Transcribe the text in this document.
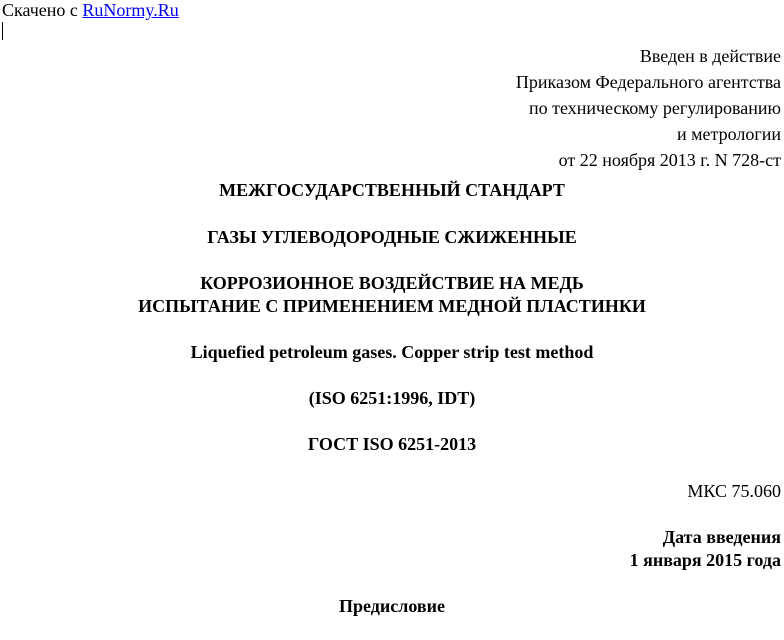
Скачено с RuNormy.Ru
Введен в действие
Приказом Федерального агентства
по техническому регулированию
и метрологии
от 22 ноября 2013 г. N 728-ст
МЕЖГОСУДАРСТВЕННЫЙ СТАНДАРТ
ГАЗЫ УГЛЕВОДОРОДНЫЕ СЖИЖЕННЫЕ
КОРРОЗИОННОЕ ВОЗДЕЙСТВИЕ НА МЕДЬ
ИСПЫТАНИЕ С ПРИМЕНЕНИЕМ МЕДНОЙ ПЛАСТИНКИ
Liquefied petroleum gases. Copper strip test method
(ISO 6251:1996, IDT)
ГОСТ ISO 6251-2013
МКС 75.060
Дата введения
1 января 2015 года
Предисловие
